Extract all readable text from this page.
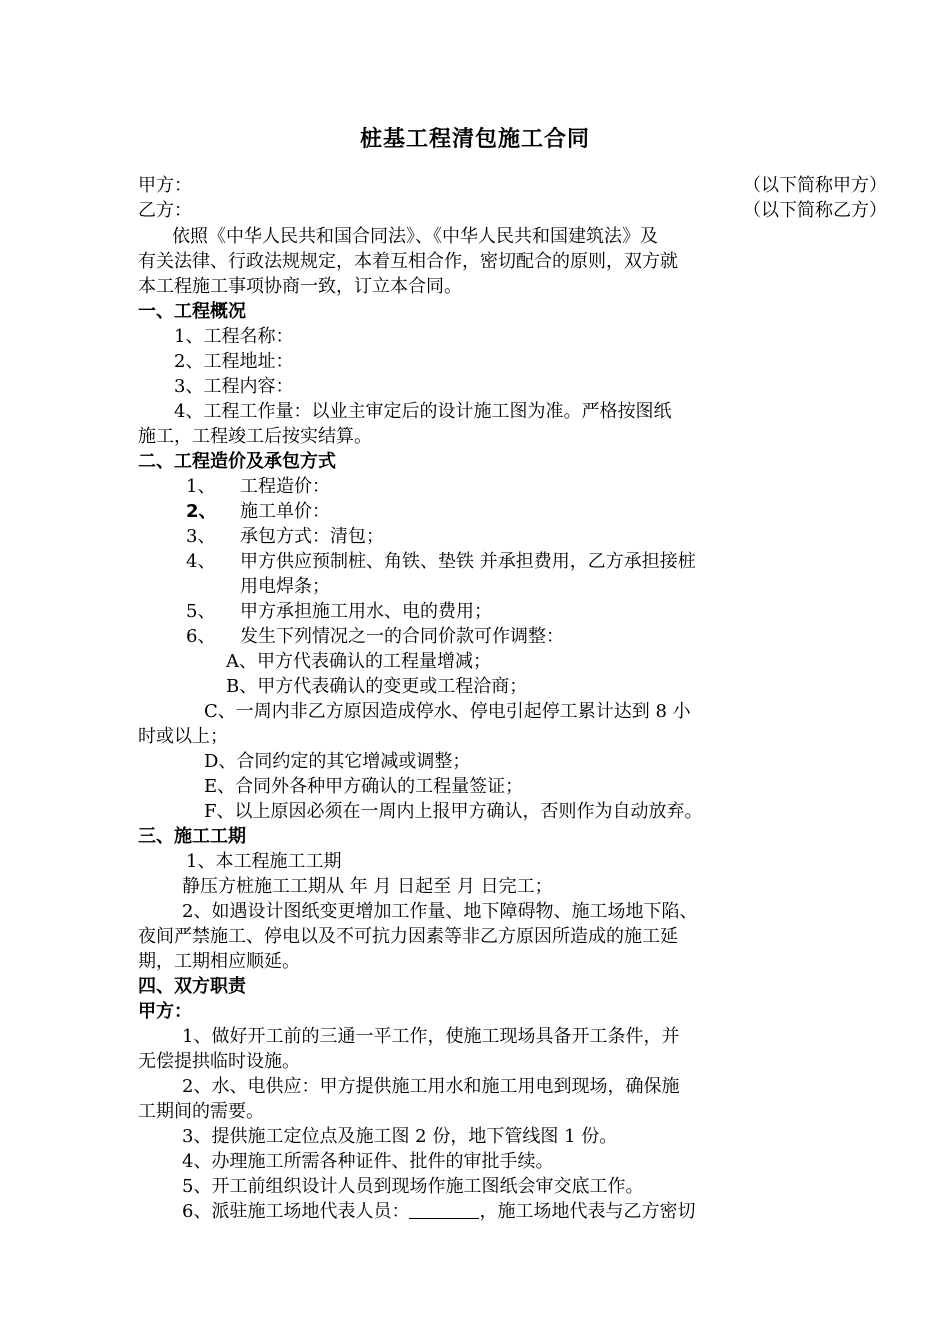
桩基工程清包施工合同
甲方：	（以下简称甲方）
乙方：	（以下简称乙方）
依照《中华人民共和国合同法》、《中华人民共和国建筑法》及
有关法律、行政法规规定，本着互相合作，密切配合的原则，双方就
本工程施工事项协商一致，订立本合同。
一、工程概况
1、工程名称：
2、工程地址：
3、工程内容：
4、工程工作量：以业主审定后的设计施工图为准。严格按图纸
施工，工程竣工后按实结算。
二、工程造价及承包方式
1、 工程造价：
2、 施工单价：
3、 承包方式：清包；
4、 甲方供应预制桩、角铁、垫铁 并承担费用，乙方承担接桩
用电焊条；
5、 甲方承担施工用水、电的费用；
6、 发生下列情况之一的合同价款可作调整：
A、甲方代表确认的工程量增减；
B、甲方代表确认的变更或工程洽商；
C、一周内非乙方原因造成停水、停电引起停工累计达到 8 小
时或以上；
D、合同约定的其它增减或调整；
E、合同外各种甲方确认的工程量签证；
F、以上原因必须在一周内上报甲方确认，否则作为自动放弃。
三、施工工期
1、本工程施工工期
静压方桩施工工期从 年 月 日起至 月 日完工；
2、如遇设计图纸变更增加工作量、地下障碍物、施工场地下陷、
夜间严禁施工、停电以及不可抗力因素等非乙方原因所造成的施工延
期，工期相应顺延。
四、双方职责
甲方：
1、做好开工前的三通一平工作，使施工现场具备开工条件，并
无偿提拱临时设施。
2、水、电供应：甲方提供施工用水和施工用电到现场，确保施
工期间的需要。
3、提供施工定位点及施工图 2 份，地下管线图 1 份。
4、办理施工所需各种证件、批件的审批手续。
5、开工前组织设计人员到现场作施工图纸会审交底工作。
6、派驻施工场地代表人员：	，施工场地代表与乙方密切
